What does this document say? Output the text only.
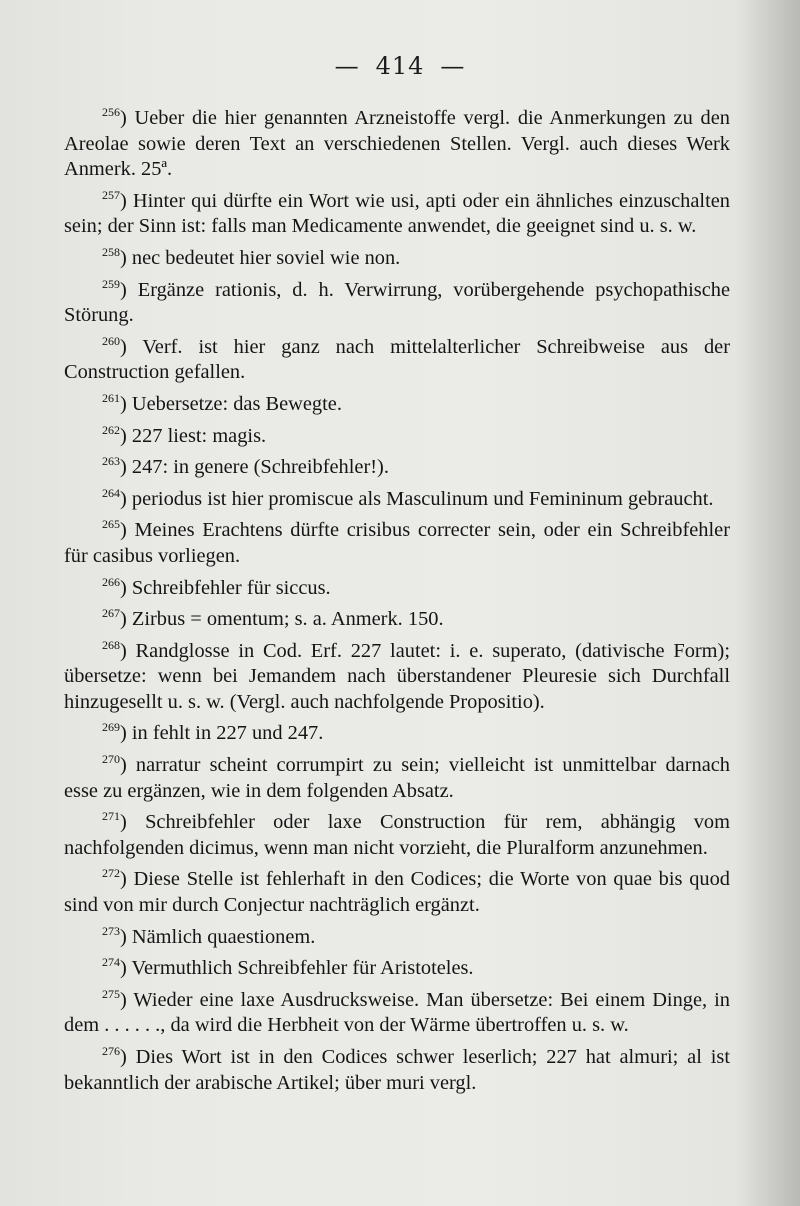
— 414 —

$^{256}$) Ueber die hier genannten Arzneistoffe vergl. die Anmerkungen zu den Areolae sowie deren Text an verschiedenen Stellen. Vergl. auch dieses Werk Anmerk. 25ª.

$^{257}$) Hinter qui dürfte ein Wort wie usi, apti oder ein ähnliches einzuschalten sein; der Sinn ist: falls man Medicamente anwendet, die geeignet sind u. s. w.

$^{258}$) nec bedeutet hier soviel wie non.

$^{259}$) Ergänze rationis, d. h. Verwirrung, vorübergehende psychopathische Störung.

$^{260}$) Verf. ist hier ganz nach mittelalterlicher Schreibweise aus der Construction gefallen.

$^{261}$) Uebersetze: das Bewegte.

$^{262}$) 227 liest: magis.

$^{263}$) 247: in genere (Schreibfehler!).

$^{264}$) periodus ist hier promiscue als Masculinum und Femininum gebraucht.

$^{265}$) Meines Erachtens dürfte crisibus correcter sein, oder ein Schreibfehler für casibus vorliegen.

$^{266}$) Schreibfehler für siccus.

$^{267}$) Zirbus = omentum; s. a. Anmerk. 150.

$^{268}$) Randglosse in Cod. Erf. 227 lautet: i. e. superato, (dativische Form); übersetze: wenn bei Jemandem nach überstandener Pleuresie sich Durchfall hinzugesellt u. s. w. (Vergl. auch nachfolgende Propositio).

$^{269}$) in fehlt in 227 und 247.

$^{270}$) narratur scheint corrumpirt zu sein; vielleicht ist unmittelbar darnach esse zu ergänzen, wie in dem folgenden Absatz.

$^{271}$) Schreibfehler oder laxe Construction für rem, abhängig vom nachfolgenden dicimus, wenn man nicht vorzieht, die Pluralform anzunehmen.

$^{272}$) Diese Stelle ist fehlerhaft in den Codices; die Worte von quae bis quod sind von mir durch Conjectur nachträglich ergänzt.

$^{273}$) Nämlich quaestionem.

$^{274}$) Vermuthlich Schreibfehler für Aristoteles.

$^{275}$) Wieder eine laxe Ausdrucksweise. Man übersetze: Bei einem Dinge, in dem . . . . . ., da wird die Herbheit von der Wärme übertroffen u. s. w.

$^{276}$) Dies Wort ist in den Codices schwer leserlich; 227 hat almuri; al ist bekanntlich der arabische Artikel; über muri vergl.
